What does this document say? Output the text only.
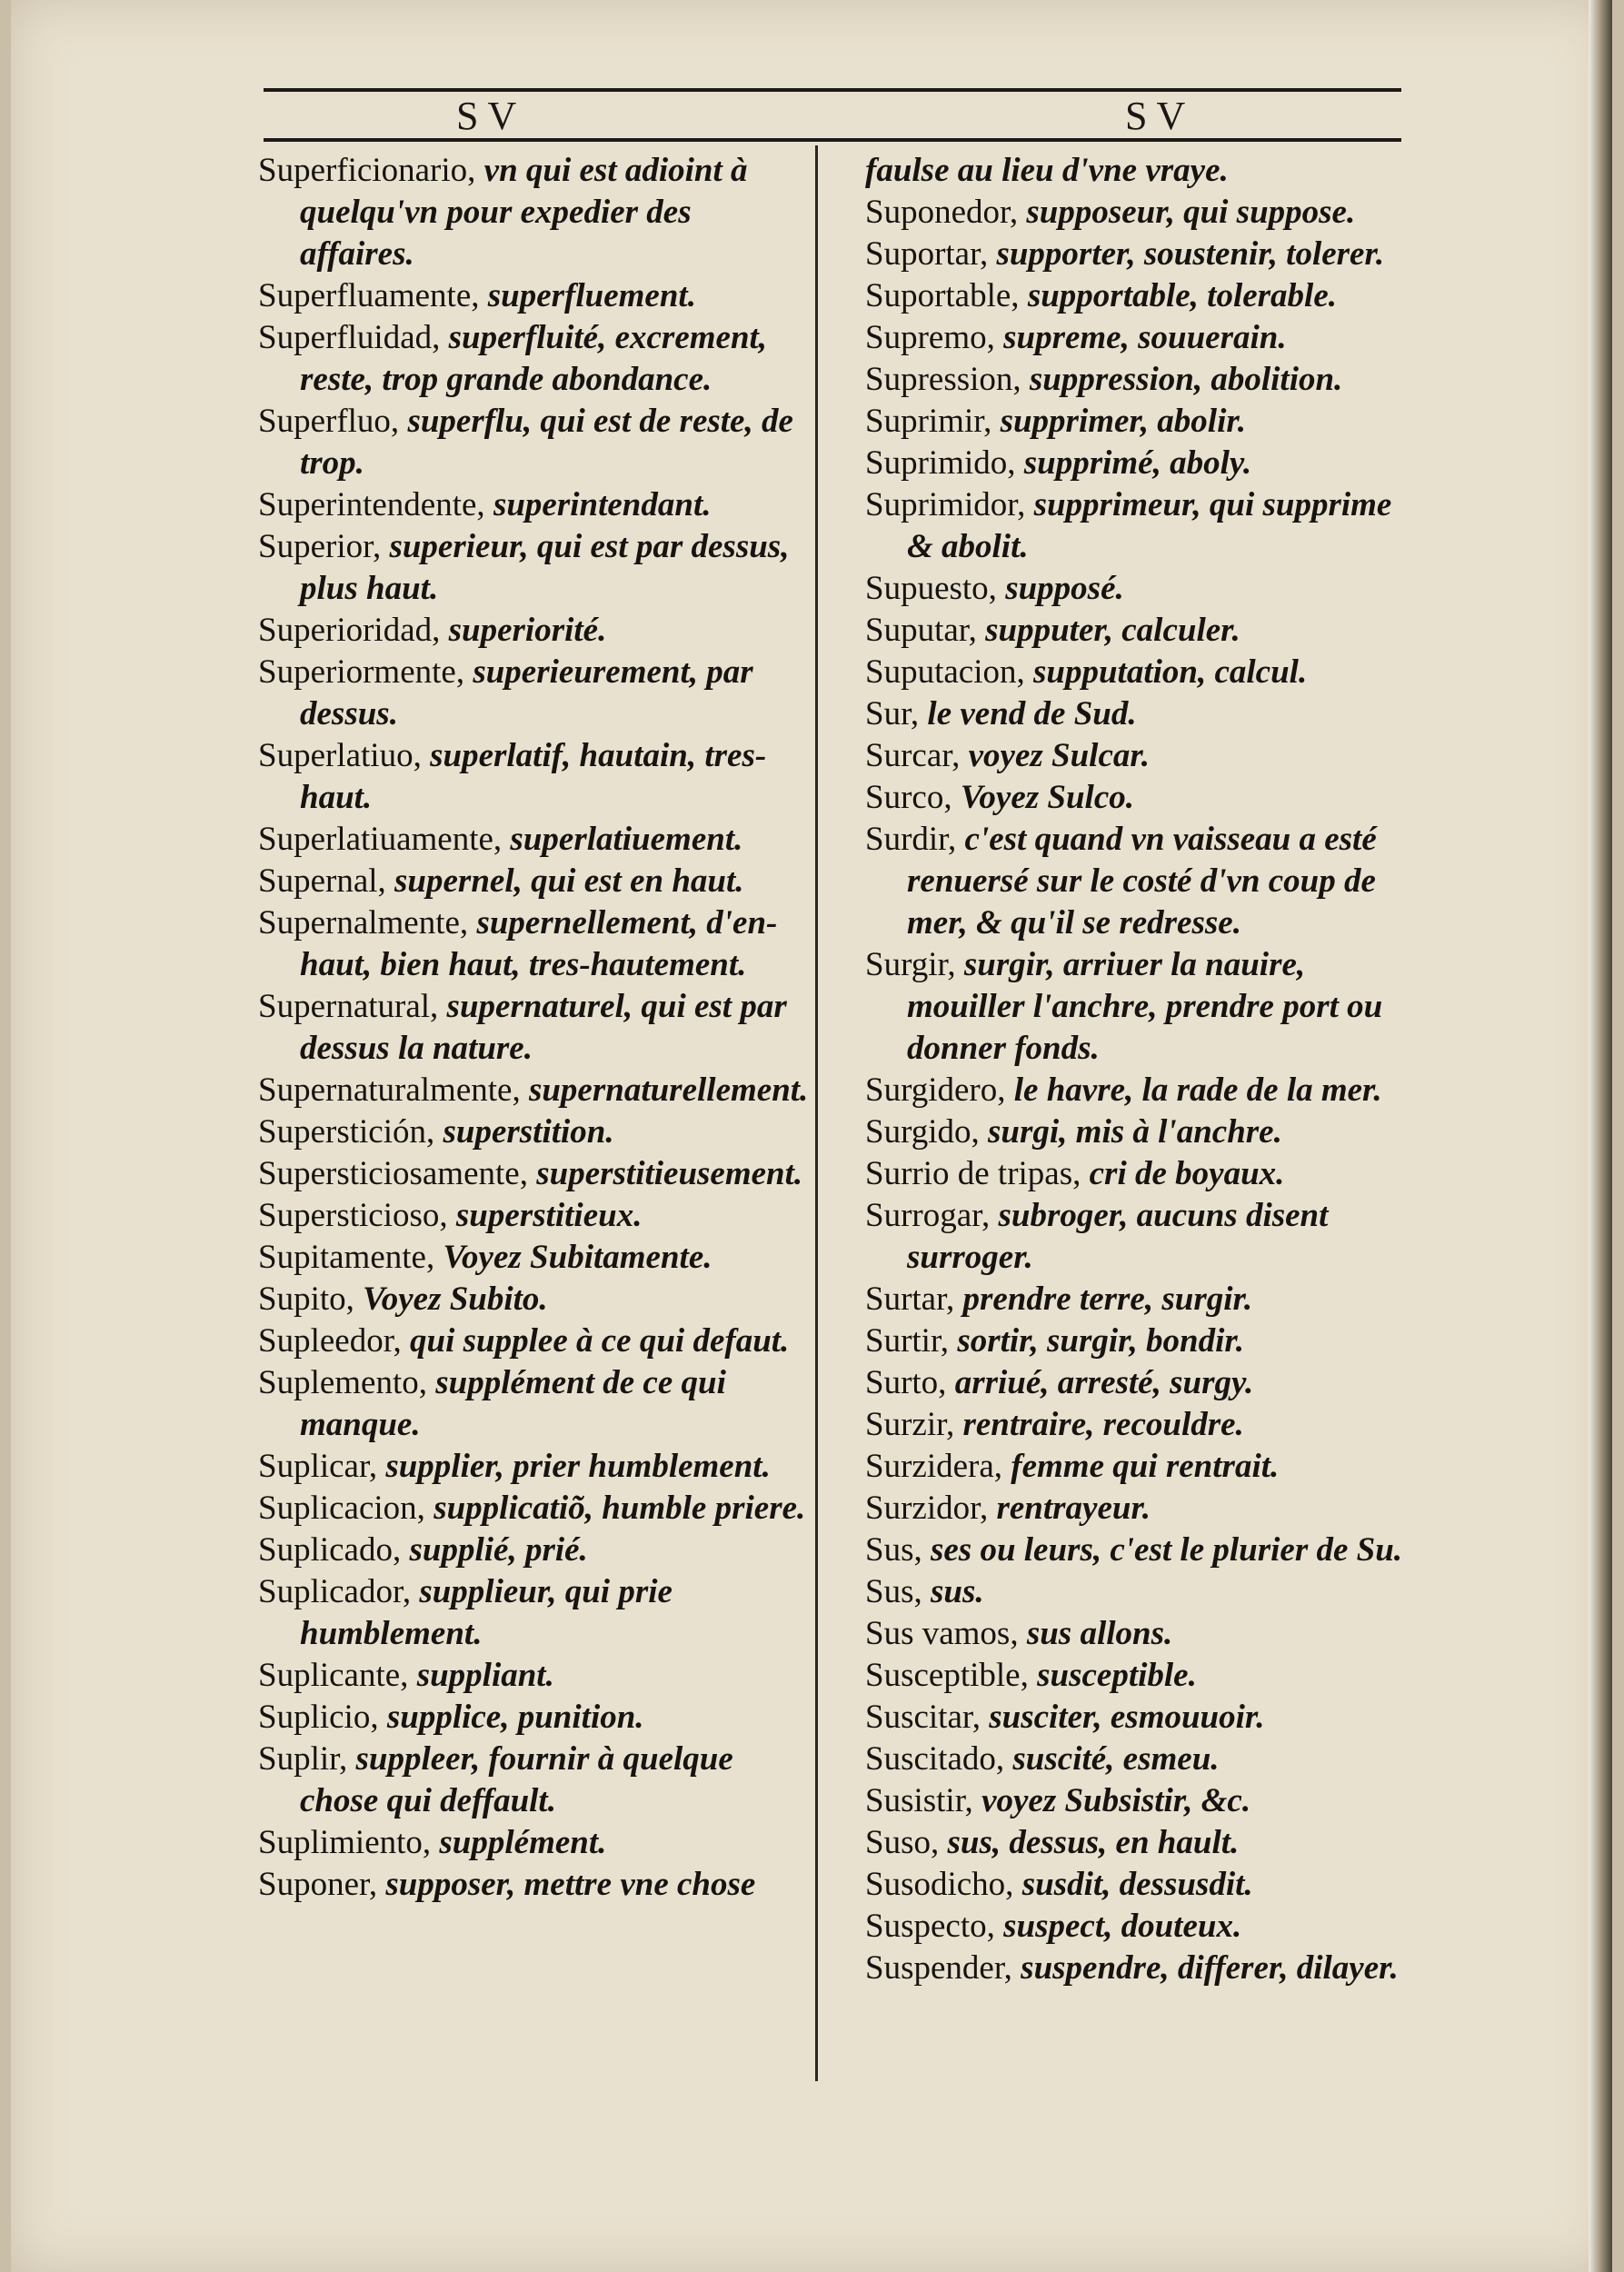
SV	SV

Superficionario, vn qui est adioint à quelqu'vn pour expedier des affaires.

Superfluamente, superfluement.

Superfluidad, superfluité, excrement, reste, trop grande abondance.

Superfluo, superflu, qui est de reste, de trop.

Superintendente, superintendant.

Superior, superieur, qui est par dessus, plus haut.

Superioridad, superiorité.

Superiormente, superieurement, par dessus.

Superlatiuo, superlatif, hautain, tres-haut.

Superlatiuamente, superlatiuement.

Supernal, supernel, qui est en haut.

Supernalmente, supernellement, d'en-haut, bien haut, tres-hautement.

Supernatural, supernaturel, qui est par dessus la nature.

Supernaturalmente, supernaturellement.

Superstición, superstition.

Supersticiosamente, superstitieusement.

Supersticioso, superstitieux.

Supitamente, Voyez Subitamente.

Supito, Voyez Subito.

Supleedor, qui supplee à ce qui defaut.

Suplemento, supplément de ce qui manque.

Suplicar, supplier, prier humblement.

Suplicacion, supplicatiõ, humble priere.

Suplicado, supplié, prié.

Suplicador, supplieur, qui prie humblement.

Suplicante, suppliant.

Suplicio, supplice, punition.

Suplir, suppleer, fournir à quelque chose qui deffault.

Suplimiento, supplément.

Suponer, supposer, mettre vne chose

faulse au lieu d'vne vraye.

Suponedor, supposeur, qui suppose.

Suportar, supporter, soustenir, tolerer.

Suportable, supportable, tolerable.

Supremo, supreme, souuerain.

Supression, suppression, abolition.

Suprimir, supprimer, abolir.

Suprimido, supprimé, aboly.

Suprimidor, supprimeur, qui supprime & abolit.

Supuesto, supposé.

Suputar, supputer, calculer.

Suputacion, supputation, calcul.

Sur, le vend de Sud.

Surcar, voyez Sulcar.

Surco, Voyez Sulco.

Surdir, c'est quand vn vaisseau a esté renuersé sur le costé d'vn coup de mer, & qu'il se redresse.

Surgir, surgir, arriuer la nauire, mouiller l'anchre, prendre port ou donner fonds.

Surgidero, le havre, la rade de la mer.

Surgido, surgi, mis à l'anchre.

Surrio de tripas, cri de boyaux.

Surrogar, subroger, aucuns disent surroger.

Surtar, prendre terre, surgir.

Surtir, sortir, surgir, bondir.

Surto, arriué, arresté, surgy.

Surzir, rentraire, recouldre.

Surzidera, femme qui rentrait.

Surzidor, rentrayeur.

Sus, ses ou leurs, c'est le plurier de Su.

Sus, sus.

Sus vamos, sus allons.

Susceptible, susceptible.

Suscitar, susciter, esmouuoir.

Suscitado, suscité, esmeu.

Susistir, voyez Subsistir, &c.

Suso, sus, dessus, en hault.

Susodicho, susdit, dessusdit.

Suspecto, suspect, douteux.

Suspender, suspendre, differer, dilayer.
